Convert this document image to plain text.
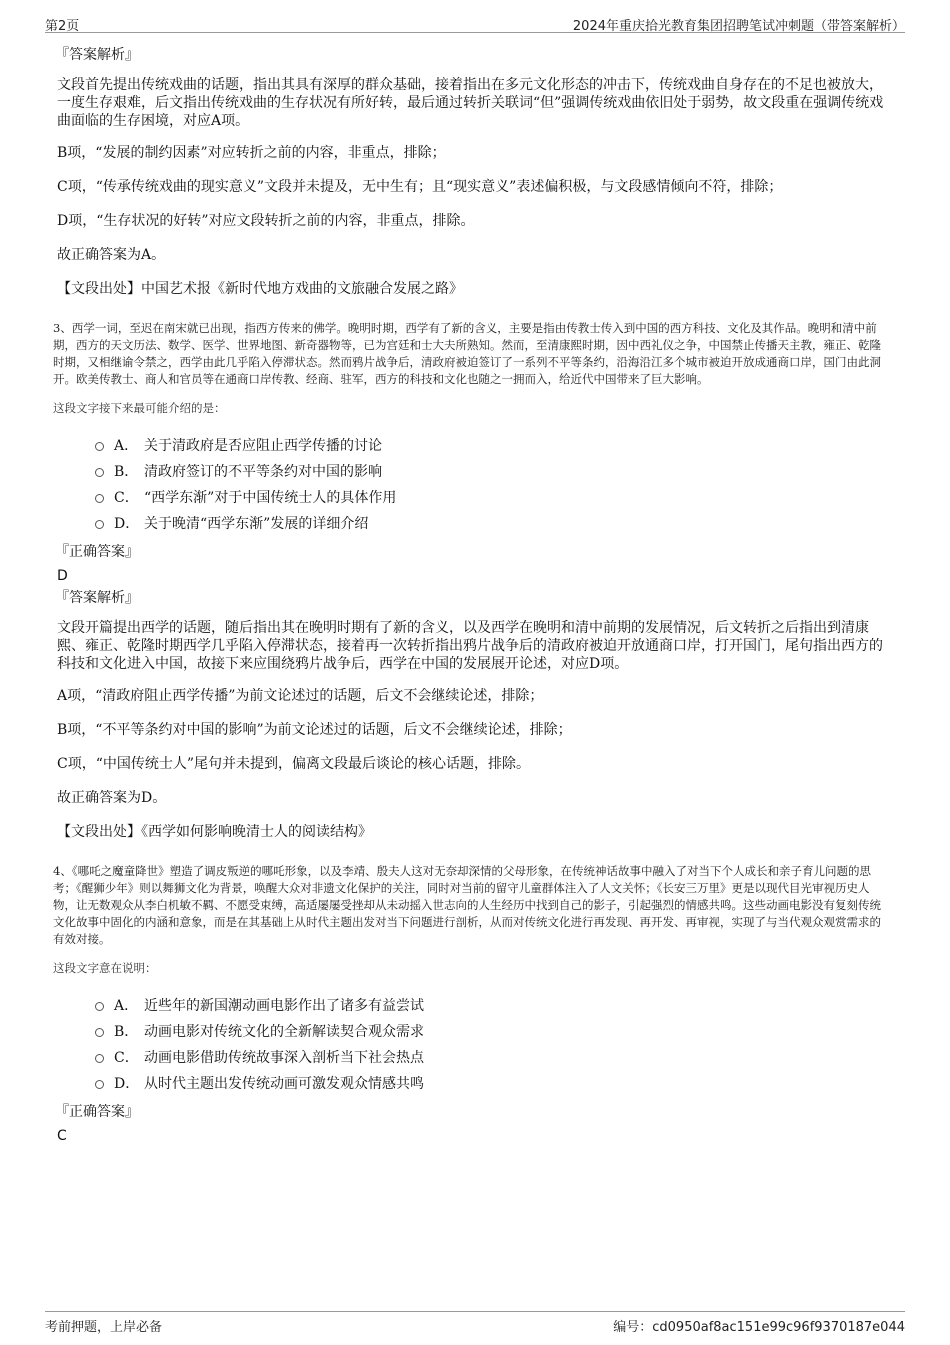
第2页	2024年重庆拾光教育集团招聘笔试冲刺题（带答案解析）
『答案解析』

文段首先提出传统戏曲的话题，指出其具有深厚的群众基础，接着指出在多元文化形态的冲击下，传统戏曲自身存在的不足也被放大，一度生存艰难，后文指出传统戏曲的生存状况有所好转，最后通过转折关联词“但”强调传统戏曲依旧处于弱势，故文段重在强调传统戏曲面临的生存困境，对应A项。

B项，“发展的制约因素”对应转折之前的内容，非重点，排除；

C项，“传承传统戏曲的现实意义”文段并未提及，无中生有；且“现实意义”表述偏积极，与文段感情倾向不符，排除；

D项，“生存状况的好转”对应文段转折之前的内容，非重点，排除。

故正确答案为A。

【文段出处】中国艺术报《新时代地方戏曲的文旅融合发展之路》

3、西学一词，至迟在南宋就已出现，指西方传来的佛学。晚明时期，西学有了新的含义，主要是指由传教士传入到中国的西方科技、文化及其作品。晚明和清中前期，西方的天文历法、数学、医学、世界地图、新奇器物等，已为宫廷和士大夫所熟知。然而，至清康熙时期，因中西礼仪之争，中国禁止传播天主教，雍正、乾隆时期，又相继谕令禁之，西学由此几乎陷入停滞状态。然而鸦片战争后，清政府被迫签订了一系列不平等条约，沿海沿江多个城市被迫开放成通商口岸，国门由此洞开。欧美传教士、商人和官员等在通商口岸传教、经商、驻军，西方的科技和文化也随之一拥而入，给近代中国带来了巨大影响。

这段文字接下来最可能介绍的是：

A． 关于清政府是否应阻止西学传播的讨论
B． 清政府签订的不平等条约对中国的影响
C． “西学东渐”对于中国传统士人的具体作用
D． 关于晚清“西学东渐”发展的详细介绍
『正确答案』
D
『答案解析』

文段开篇提出西学的话题，随后指出其在晚明时期有了新的含义，以及西学在晚明和清中前期的发展情况，后文转折之后指出到清康熙、雍正、乾隆时期西学几乎陷入停滞状态，接着再一次转折指出鸦片战争后的清政府被迫开放通商口岸，打开国门，尾句指出西方的科技和文化进入中国，故接下来应围绕鸦片战争后，西学在中国的发展展开论述，对应D项。

A项，“清政府阻止西学传播”为前文论述过的话题，后文不会继续论述，排除；

B项，“不平等条约对中国的影响”为前文论述过的话题，后文不会继续论述，排除；

C项，“中国传统士人”尾句并未提到，偏离文段最后谈论的核心话题，排除。

故正确答案为D。

【文段出处】《西学如何影响晚清士人的阅读结构》

4、《哪吒之魔童降世》塑造了调皮叛逆的哪吒形象，以及李靖、殷夫人这对无奈却深情的父母形象，在传统神话故事中融入了对当下个人成长和亲子育儿问题的思考；《醒狮少年》则以舞狮文化为背景，唤醒大众对非遗文化保护的关注，同时对当前的留守儿童群体注入了人文关怀；《长安三万里》更是以现代目光审视历史人物，让无数观众从李白机敏不羁、不愿受束缚，高适屡屡受挫却从未动摇入世志向的人生经历中找到自己的影子，引起强烈的情感共鸣。这些动画电影没有复刻传统文化故事中固化的内涵和意象，而是在其基础上从时代主题出发对当下问题进行剖析，从而对传统文化进行再发现、再开发、再审视，实现了与当代观众观赏需求的有效对接。

这段文字意在说明：

A． 近些年的新国潮动画电影作出了诸多有益尝试
B． 动画电影对传统文化的全新解读契合观众需求
C． 动画电影借助传统故事深入剖析当下社会热点
D． 从时代主题出发传统动画可激发观众情感共鸣
『正确答案』
C
考前押题，上岸必备	编号：cd0950af8ac151e99c96f9370187e044
